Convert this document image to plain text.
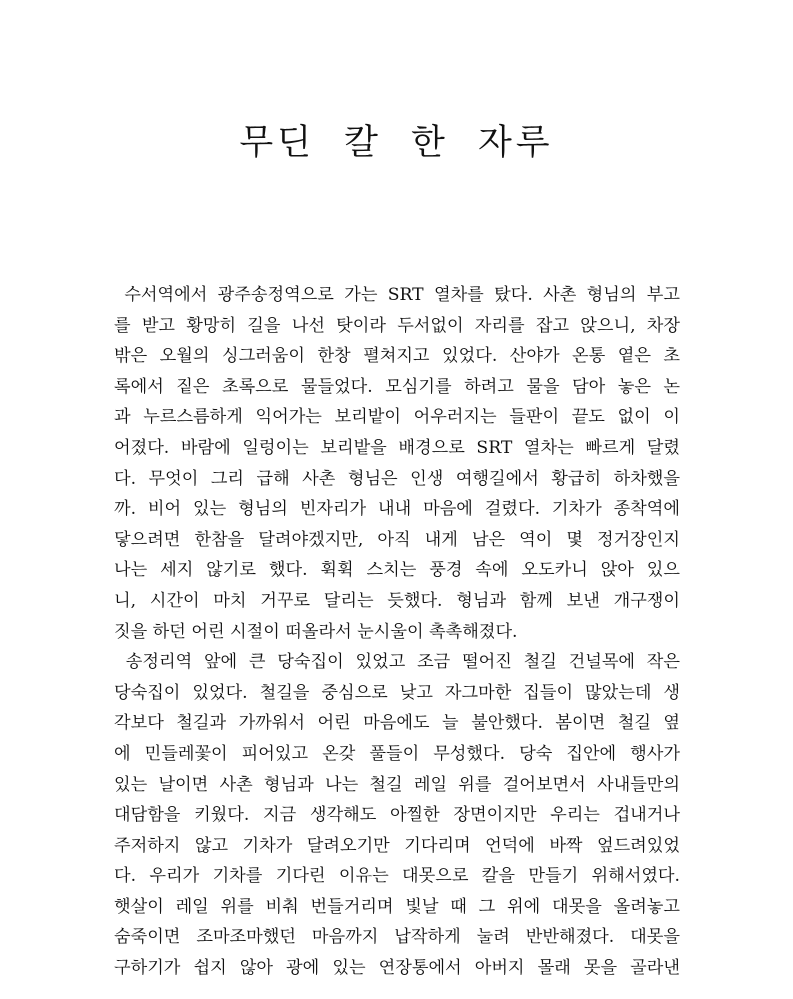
무딘 칼 한 자루
수서역에서 광주송정역으로 가는 SRT 열차를 탔다. 사촌 형님의 부고
를 받고 황망히 길을 나선 탓이라 두서없이 자리를 잡고 앉으니, 차장
밖은 오월의 싱그러움이 한창 펼쳐지고 있었다. 산야가 온통 옅은 초
록에서 짙은 초록으로 물들었다. 모심기를 하려고 물을 담아 놓은 논
과 누르스름하게 익어가는 보리밭이 어우러지는 들판이 끝도 없이 이
어졌다. 바람에 일렁이는 보리밭을 배경으로 SRT 열차는 빠르게 달렸
다. 무엇이 그리 급해 사촌 형님은 인생 여행길에서 황급히 하차했을
까. 비어 있는 형님의 빈자리가 내내 마음에 걸렸다. 기차가 종착역에
닿으려면 한참을 달려야겠지만, 아직 내게 남은 역이 몇 정거장인지
나는 세지 않기로 했다. 휙휙 스치는 풍경 속에 오도카니 앉아 있으
니, 시간이 마치 거꾸로 달리는 듯했다. 형님과 함께 보낸 개구쟁이
짓을 하던 어린 시절이 떠올라서 눈시울이 촉촉해졌다.
송정리역 앞에 큰 당숙집이 있었고 조금 떨어진 철길 건널목에 작은
당숙집이 있었다. 철길을 중심으로 낮고 자그마한 집들이 많았는데 생
각보다 철길과 가까워서 어린 마음에도 늘 불안했다. 봄이면 철길 옆
에 민들레꽃이 피어있고 온갖 풀들이 무성했다. 당숙 집안에 행사가
있는 날이면 사촌 형님과 나는 철길 레일 위를 걸어보면서 사내들만의
대담함을 키웠다. 지금 생각해도 아찔한 장면이지만 우리는 겁내거나
주저하지 않고 기차가 달려오기만 기다리며 언덕에 바짝 엎드려있었
다. 우리가 기차를 기다린 이유는 대못으로 칼을 만들기 위해서였다.
햇살이 레일 위를 비춰 번들거리며 빛날 때 그 위에 대못을 올려놓고
숨죽이면 조마조마했던 마음까지 납작하게 눌려 반반해졌다. 대못을
구하기가 쉽지 않아 광에 있는 연장통에서 아버지 몰래 못을 골라낸
